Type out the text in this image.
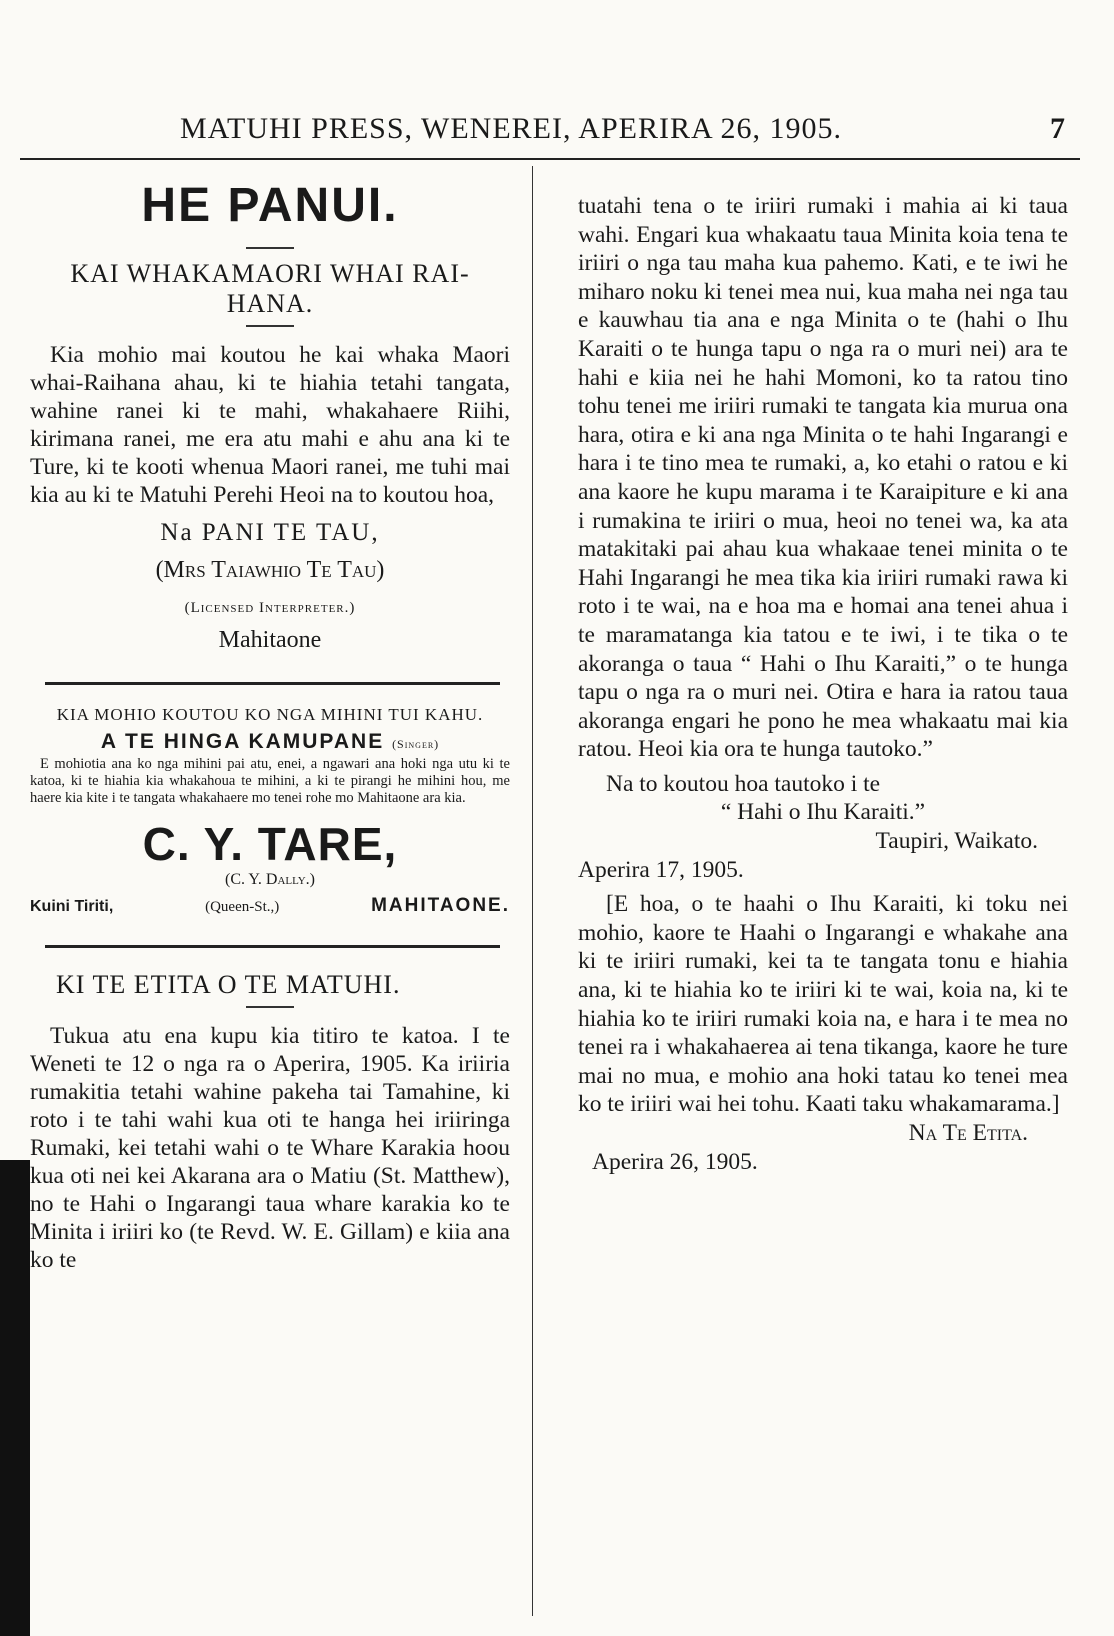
MATUHI PRESS, WENEREI, APERIRA 26, 1905.	7
HE PANUI.
KAI WHAKAMAORI WHAI RAI-HANA.

Kia mohio mai koutou he kai whaka Maori whai-Raihana ahau, ki te hiahia tetahi tangata, wahine ranei ki te mahi, whakahaere Riihi, kirimana ranei, me era atu mahi e ahu ana ki te Ture, ki te kooti whenua Maori ranei, me tuhi mai kia au ki te Matuhi Perehi Heoi na to koutou hoa,

Na PANI TE TAU,

(Mrs Taiawhio Te Tau)

(Licensed Interpreter.)

Mahitaone

KIA MOHIO KOUTOU KO NGA MIHINI TUI KAHU.
A TE HINGA KAMUPANE (Singer)

E mohiotia ana ko nga mihini pai atu, enei, a ngawari ana hoki nga utu ki te katoa, ki te hiahia kia whakahoua te mihini, a ki te pirangi he mihini hou, me haere kia kite i te tangata whakahaere mo tenei rohe mo Mahitaone ara kia.

C. Y. TARE,
(C. Y. Dally.)
Kuini Tiriti,	(Queen-St.,)	MAHITAONE.
KI TE ETITA O TE MATUHI.

Tukua atu ena kupu kia titiro te katoa. I te Weneti te 12 o nga ra o Aperira, 1905. Ka iriiria rumakitia tetahi wahine pakeha tai Tamahine, ki roto i te tahi wahi kua oti te hanga hei iriiringa Rumaki, kei tetahi wahi o te Whare Karakia hoou kua oti nei kei Akarana ara o Matiu (St. Matthew), no te Hahi o Ingarangi taua whare karakia ko te Minita i iriiri ko (te Revd. W. E. Gillam) e kiia ana ko te

tuatahi tena o te iriiri rumaki i mahia ai ki taua wahi. Engari kua whakaatu taua Minita koia tena te iriiri o nga tau maha kua pahemo. Kati, e te iwi he miharo noku ki tenei mea nui, kua maha nei nga tau e kauwhau tia ana e nga Minita o te (hahi o Ihu Karaiti o te hunga tapu o nga ra o muri nei) ara te hahi e kiia nei he hahi Momoni, ko ta ratou tino tohu tenei me iriiri rumaki te tangata kia murua ona hara, otira e ki ana nga Minita o te hahi Ingarangi e hara i te tino mea te rumaki, a, ko etahi o ratou e ki ana kaore he kupu marama i te Karaipiture e ki ana i rumakina te iriiri o mua, heoi no tenei wa, ka ata matakitaki pai ahau kua whakaae tenei minita o te Hahi Ingarangi he mea tika kia iriiri rumaki rawa ki roto i te wai, na e hoa ma e homai ana tenei ahua i te maramatanga kia tatou e te iwi, i te tika o te akoranga o taua “ Hahi o Ihu Karaiti,” o te hunga tapu o nga ra o muri nei. Otira e hara ia ratou taua akoranga engari he pono he mea whakaatu mai kia ratou. Heoi kia ora te hunga tautoko.”

Na to koutou hoa tautoko i te

“ Hahi o Ihu Karaiti.”

Taupiri, Waikato.

Aperira 17, 1905.

[E hoa, o te haahi o Ihu Karaiti, ki toku nei mohio, kaore te Haahi o Ingarangi e whakahe ana ki te iriiri rumaki, kei ta te tangata tonu e hiahia ana, ki te hiahia ko te iriiri ki te wai, koia na, ki te hiahia ko te iriiri rumaki koia na, e hara i te mea no tenei ra i whakahaerea ai tena tikanga, kaore he ture mai no mua, e mohio ana hoki tatau ko tenei mea ko te iriiri wai hei tohu. Kaati taku whakamarama.]

Na Te Etita.

Aperira 26, 1905.
